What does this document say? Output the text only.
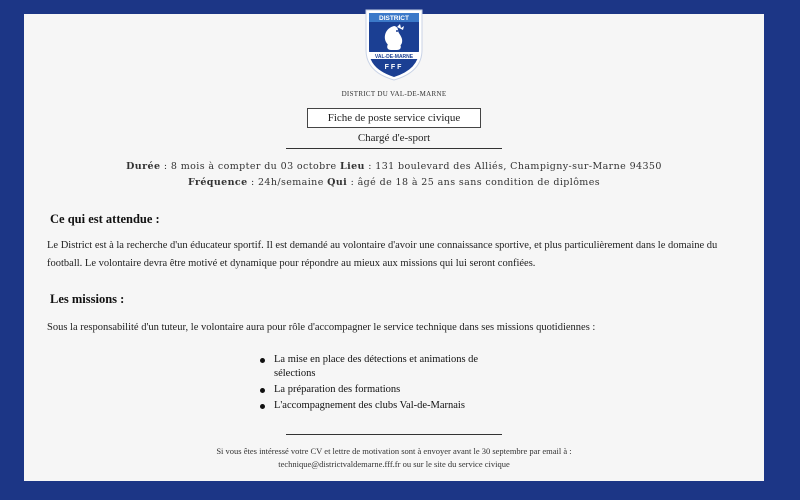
DISTRICT
VAL-DE-MARNE
FFF
DISTRICT DU VAL-DE-MARNE
Fiche de poste service civique
Chargé d'e-sport
Durée : 8 mois à compter du 03 octobre Lieu : 131 boulevard des Alliés, Champigny-sur-Marne 94350
Fréquence : 24h/semaine Qui : âgé de 18 à 25 ans sans condition de diplômes
Ce qui est attendue :
Le District est à la recherche d'un éducateur sportif. Il est demandé au volontaire d'avoir une connaissance sportive, et plus particulièrement dans le domaine du football. Le volontaire devra être motivé et dynamique pour répondre au mieux aux missions qui lui seront confiées.
Les missions :
Sous la responsabilité d'un tuteur, le volontaire aura pour rôle d'accompagner le service technique dans ses missions quotidiennes :
La mise en place des détections et animations de sélections
La préparation des formations
L'accompagnement des clubs Val-de-Marnais
Si vous êtes intéressé votre CV et lettre de motivation sont à envoyer avant le 30 septembre par email à :
technique@districtvaldemarne.fff.fr ou sur le site du service civique
